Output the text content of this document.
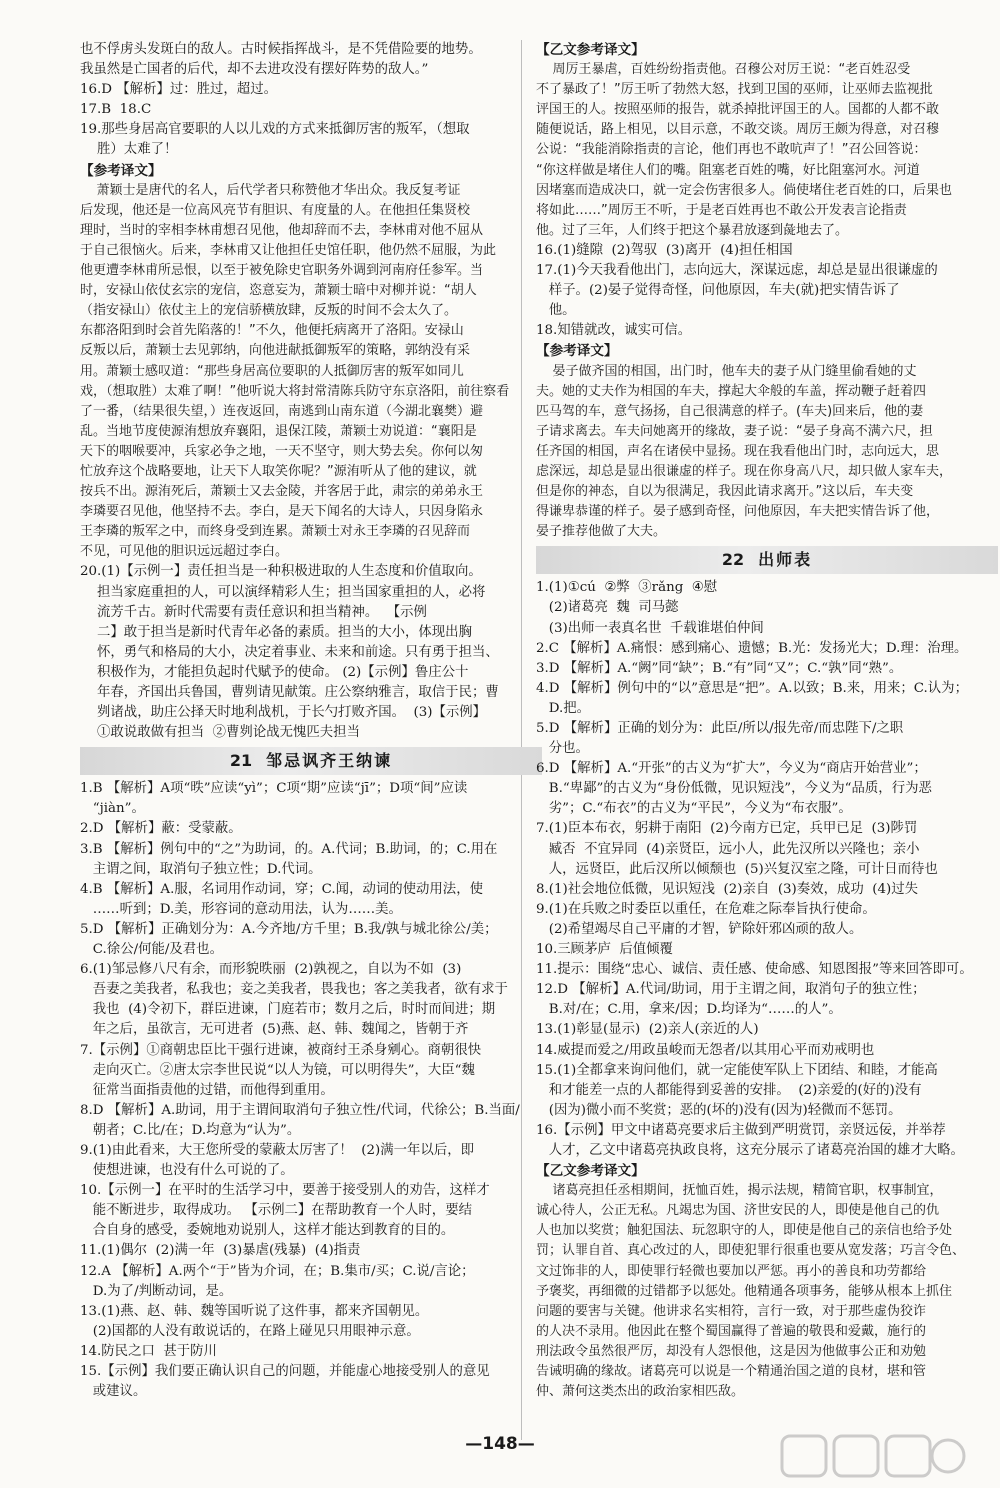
也不俘虏头发斑白的敌人。古时候指挥战斗，是不凭借险要的地势。
我虽然是亡国者的后代，却不去进攻没有摆好阵势的敌人。”

16.D 【解析】过：胜过，超过。

17.B  18.C

19.那些身居高官要职的人以儿戏的方式来抵御厉害的叛军，（想取
胜）太难了！

【参考译文】

萧颖士是唐代的名人，后代学者只称赞他才华出众。我反复考证
后发现，他还是一位高风亮节有胆识、有度量的人。在他担任集贤校
理时，当时的宰相李林甫想召见他，他却辞而不去，李林甫对他不屈从
于自己很恼火。后来，李林甫又让他担任史馆任职，他仍然不屈服，为此
他更遭李林甫所忌恨，以至于被免除史官职务外调到河南府任参军。当
时，安禄山依仗玄宗的宠信，恣意妄为，萧颖士暗中对柳并说：“胡人
（指安禄山）依仗主上的宠信骄横放肆，反叛的时间不会太久了。
东都洛阳到时会首先陷落的！”不久，他便托病离开了洛阳。安禄山
反叛以后，萧颖士去见郭纳，向他进献抵御叛军的策略，郭纳没有采
用。萧颖士感叹道：“那些身居高位要职的人抵御厉害的叛军如同儿
戏，（想取胜）太难了啊！”他听说大将封常清陈兵防守东京洛阳，前往察看
了一番，（结果很失望，）连夜返回，南逃到山南东道（今湖北襄樊）避
乱。当地节度使源洧想放弃襄阳，退保江陵，萧颖士劝说道：“襄阳是
天下的咽喉要冲，兵家必争之地，一天不坚守，则大势去矣。你何以匆
忙放弃这个战略要地，让天下人取笑你呢？”源洧听从了他的建议，就
按兵不出。源洧死后，萧颖士又去金陵，并客居于此，肃宗的弟弟永王
李璘要召见他，他坚持不去。李白，是天下闻名的大诗人，只因身陷永
王李璘的叛军之中，而终身受到连累。萧颖士对永王李璘的召见辞而
不见，可见他的胆识远远超过李白。

20.(1)【示例一】责任担当是一种积极进取的人生态度和价值取向。
担当家庭重担的人，可以演绎精彩人生；担当国家重担的人，必将
流芳千古。新时代需要有责任意识和担当精神。  【示例
二】敢于担当是新时代青年必备的素质。担当的大小，体现出胸
怀，勇气和格局的大小，决定着事业、未来和前途。只有勇于担当、
积极作为，才能担负起时代赋予的使命。 (2)【示例】鲁庄公十
年春，齐国出兵鲁国，曹刿请见献策。庄公察纳雅言，取信于民；曹
刿诸战，助庄公择天时地利战机，于长勺打败齐国。  (3)【示例】
①敢说敢做有担当  ②曹刿论战无愧匹夫担当

21 邹忌讽齐王纳谏

1.B 【解析】A项“昳”应读“yì”；C项“期”应读“jī”；D项“间”应读
“jiàn”。

2.D 【解析】蔽：受蒙蔽。

3.B 【解析】例句中的“之”为助词，的。A.代词；B.助词，的；C.用在
主谓之间，取消句子独立性；D.代词。

4.B 【解析】A.服，名词用作动词，穿；C.闻，动词的使动用法，使
……听到；D.美，形容词的意动用法，认为……美。

5.D 【解析】正确划分为：A.今齐地/方千里；B.我/孰与城北徐公/美；
C.徐公/何能/及君也。

6.(1)邹忌修八尺有余，而形貌昳丽  (2)孰视之，自以为不如  (3)
吾妻之美我者，私我也；妾之美我者，畏我也；客之美我者，欲有求于
我也  (4)令初下，群臣进谏，门庭若市；数月之后，时时而间进；期
年之后，虽欲言，无可进者  (5)燕、赵、韩、魏闻之，皆朝于齐

7.【示例】①商朝忠臣比干强行进谏，被商纣王杀身剜心。商朝很快
走向灭亡。②唐太宗李世民说“以人为镜，可以明得失”，大臣“魏
征常当面指责他的过错，而他得到重用。

8.D 【解析】A.助词，用于主谓间取消句子独立性/代词，代徐公；B.当面/
朝者；C.比/在；D.均意为“认为”。

9.(1)由此看来，大王您所受的蒙蔽太厉害了！  (2)满一年以后，即
使想进谏，也没有什么可说的了。

10.【示例一】在平时的生活学习中，要善于接受别人的劝告，这样才
能不断进步，取得成功。 【示例二】在帮助教育一个人时，要结
合自身的感受，委婉地劝说别人，这样才能达到教育的目的。

11.(1)偶尔  (2)满一年  (3)暴虐(残暴)  (4)指责

12.A 【解析】A.两个“于”皆为介词，在；B.集市/买；C.说/言论；
D.为了/判断动词，是。

13.(1)燕、赵、韩、魏等国听说了这件事，都来齐国朝见。
(2)国都的人没有敢说话的，在路上碰见只用眼神示意。

14.防民之口  甚于防川

15.【示例】我们要正确认识自己的问题，并能虚心地接受别人的意见
或建议。

【乙文参考译文】

周厉王暴虐，百姓纷纷指责他。召穆公对厉王说：“老百姓忍受
不了暴政了！”厉王听了勃然大怒，找到卫国的巫师，让巫师去监视批
评国王的人。按照巫师的报告，就杀掉批评国王的人。国都的人都不敢
随便说话，路上相见，以目示意，不敢交谈。周厉王颇为得意，对召穆
公说：“我能消除指责的言论，他们再也不敢吭声了！”召公回答说：
“你这样做是堵住人们的嘴。阻塞老百姓的嘴，好比阻塞河水。河道
因堵塞而造成决口，就一定会伤害很多人。倘使堵住老百姓的口，后果也
将如此……”周厉王不听，于是老百姓再也不敢公开发表言论指责
他。过了三年，人们终于把这个暴君放逐到彘地去了。

16.(1)缝隙  (2)驾驭  (3)离开  (4)担任相国

17.(1)今天我看他出门，志向远大，深谋远虑，却总是显出很谦虚的
样子。(2)晏子觉得奇怪，问他原因，车夫(就)把实情告诉了
他。

18.知错就改，诚实可信。

【参考译文】

晏子做齐国的相国，出门时，他车夫的妻子从门缝里偷看她的丈
夫。她的丈夫作为相国的车夫，撑起大伞般的车盖，挥动鞭子赶着四
匹马驾的车，意气扬扬，自己很满意的样子。(车夫)回来后，他的妻
子请求离去。车夫问她离开的缘故，妻子说：“晏子身高不满六尺，担
任齐国的相国，声名在诸侯中显扬。现在我看他出门时，志向远大，思
虑深远，却总是显出很谦虚的样子。现在你身高八尺，却只做人家车夫，
但是你的神态，自以为很满足，我因此请求离开。”这以后，车夫变
得谦卑恭谨的样子。晏子感到奇怪，问他原因，车夫把实情告诉了他，
晏子推荐他做了大夫。

22 出师表

1.(1)①cú  ②弊  ③rǎng  ④慰
(2)诸葛亮  魏  司马懿
(3)出师一表真名世  千载谁堪伯仲间

2.C 【解析】A.痛恨：感到痛心、遗憾；B.光：发扬光大；D.理：治理。

3.D 【解析】A.“阙”同“缺”；B.“有”同“又”；C.“孰”同“熟”。

4.D 【解析】例句中的“以”意思是“把”。A.以致；B.来，用来；C.认为；
D.把。

5.D 【解析】正确的划分为：此臣/所以/报先帝/而忠陛下/之职
分也。

6.D 【解析】A.“开张”的古义为“扩大”，今义为“商店开始营业”；
B.“卑鄙”的古义为“身份低微，见识短浅”，今义为“品质，行为恶
劣”；C.“布衣”的古义为“平民”，今义为“布衣服”。

7.(1)臣本布衣，躬耕于南阳  (2)今南方已定，兵甲已足  (3)陟罚
臧否  不宜异同  (4)亲贤臣，远小人，此先汉所以兴隆也；亲小
人，远贤臣，此后汉所以倾颓也  (5)兴复汉室之隆，可计日而待也

8.(1)社会地位低微，见识短浅  (2)亲自  (3)奏效，成功  (4)过失

9.(1)在兵败之时委臣以重任，在危难之际奉旨执行使命。
(2)希望竭尽自己平庸的才智，铲除奸邪凶顽的敌人。

10.三顾茅庐  后值倾覆

11.提示：围绕“忠心、诚信、责任感、使命感、知恩图报”等来回答即可。

12.D 【解析】A.代词/助词，用于主谓之间，取消句子的独立性；
B.对/在；C.用，拿来/因；D.均译为“……的人”。

13.(1)彰显(显示)  (2)亲人(亲近的人)

14.威提而爱之/用政虽峻而无怨者/以其用心平而劝戒明也

15.(1)全都拿来询问他们，就一定能使军队上下团结、和睦，才能高
和才能差一点的人都能得到妥善的安排。  (2)亲爱的(好的)没有
(因为)微小而不奖赏；恶的(坏的)没有(因为)轻微而不惩罚。

16.【示例】甲文中诸葛亮要求后主做到严明赏罚，亲贤远佞，并举荐
人才，乙文中诸葛亮执政良将，这充分展示了诸葛亮治国的雄才大略。

【乙文参考译文】

诸葛亮担任丞相期间，抚恤百姓，揭示法规，精简官职，权事制宜，
诚心待人，公正无私。凡竭忠为国、济世安民的人，即使是他自己的仇
人也加以奖赏；触犯国法、玩忽职守的人，即使是他自己的亲信也给予处
罚；认罪自首、真心改过的人，即使犯罪行很重也要从宽发落；巧言令色、
文过饰非的人，即使罪行轻微也要加以严惩。再小的善良和功劳都给
予褒奖，再细微的过错都予以惩处。他精通各项事务，能够从根本上抓住
问题的要害与关键。他讲求名实相符，言行一致，对于那些虚伪狡诈
的人决不录用。他因此在整个蜀国赢得了普遍的敬畏和爱戴，施行的
刑法政令虽然很严厉，却没有人怨恨他，这是因为他做事公正和劝勉
告诫明确的缘故。诸葛亮可以说是一个精通治国之道的良材，堪和管
仲、萧何这类杰出的政治家相匹敌。

—148—
